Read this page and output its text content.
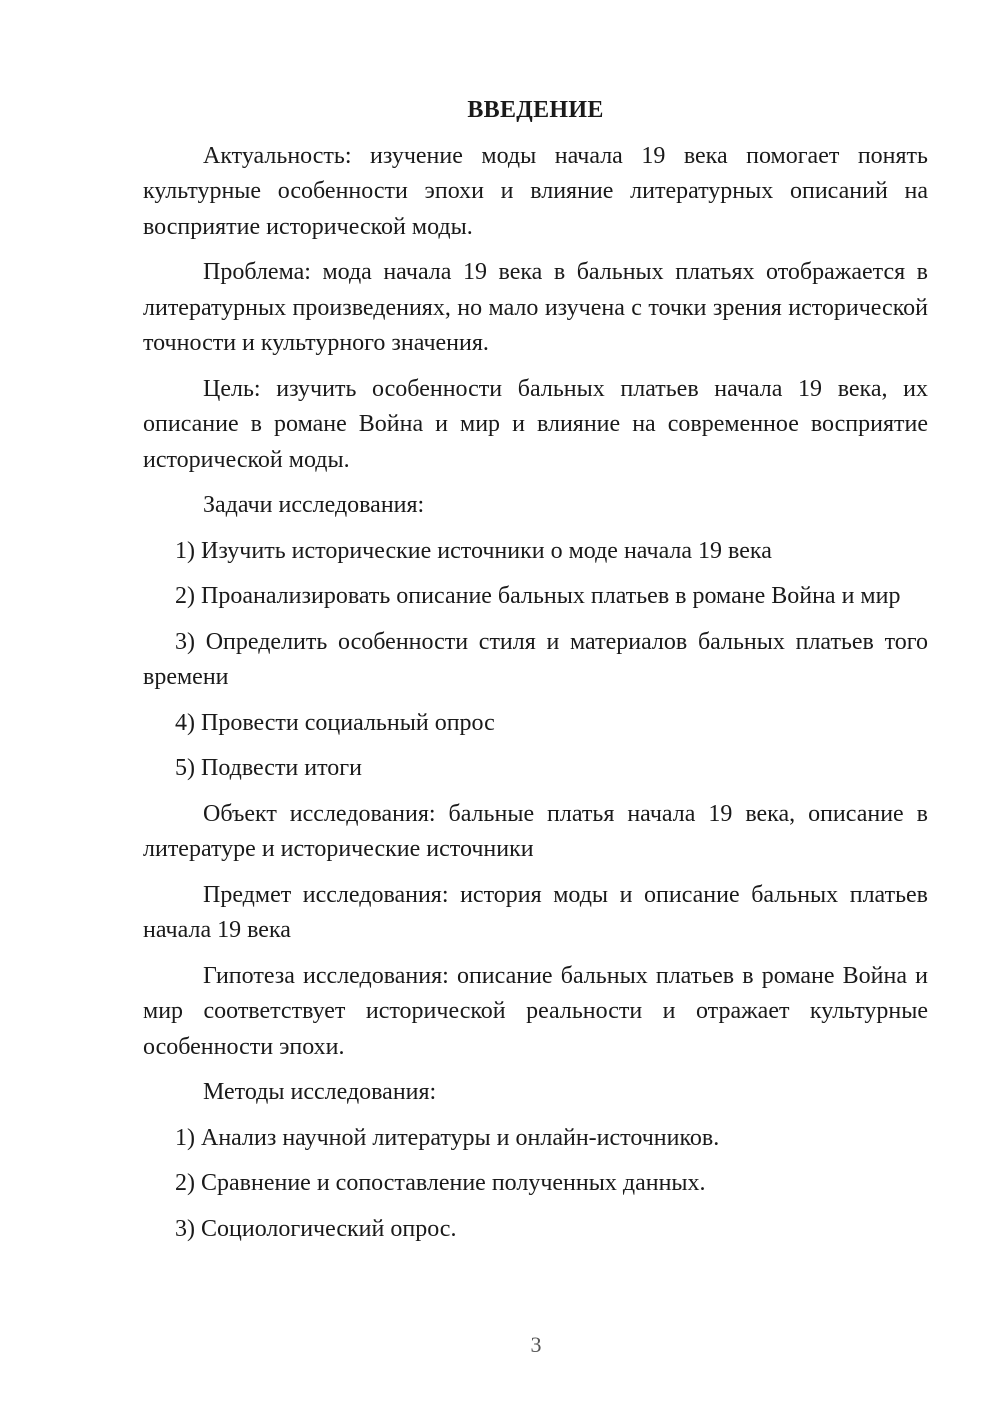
ВВЕДЕНИЕ

Актуальность: изучение моды начала 19 века помогает понять культурные особенности эпохи и влияние литературных описаний на восприятие исторической моды.

Проблема: мода начала 19 века в бальных платьях отображается в литературных произведениях, но мало изучена с точки зрения исторической точности и культурного значения.

Цель: изучить особенности бальных платьев начала 19 века, их описание в романе Война и мир и влияние на современное восприятие исторической моды.

Задачи исследования:

1) Изучить исторические источники о моде начала 19 века

2) Проанализировать описание бальных платьев в романе Война и мир

3) Определить особенности стиля и материалов бальных платьев того времени

4) Провести социальный опрос

5) Подвести итоги

Объект исследования: бальные платья начала 19 века, описание в литературе и исторические источники

Предмет исследования: история моды и описание бальных платьев начала 19 века

Гипотеза исследования: описание бальных платьев в романе Война и мир соответствует исторической реальности и отражает культурные особенности эпохи.

Методы исследования:

1) Анализ научной литературы и онлайн-источников.

2) Сравнение и сопоставление полученных данных.

3) Социологический опрос.

3
